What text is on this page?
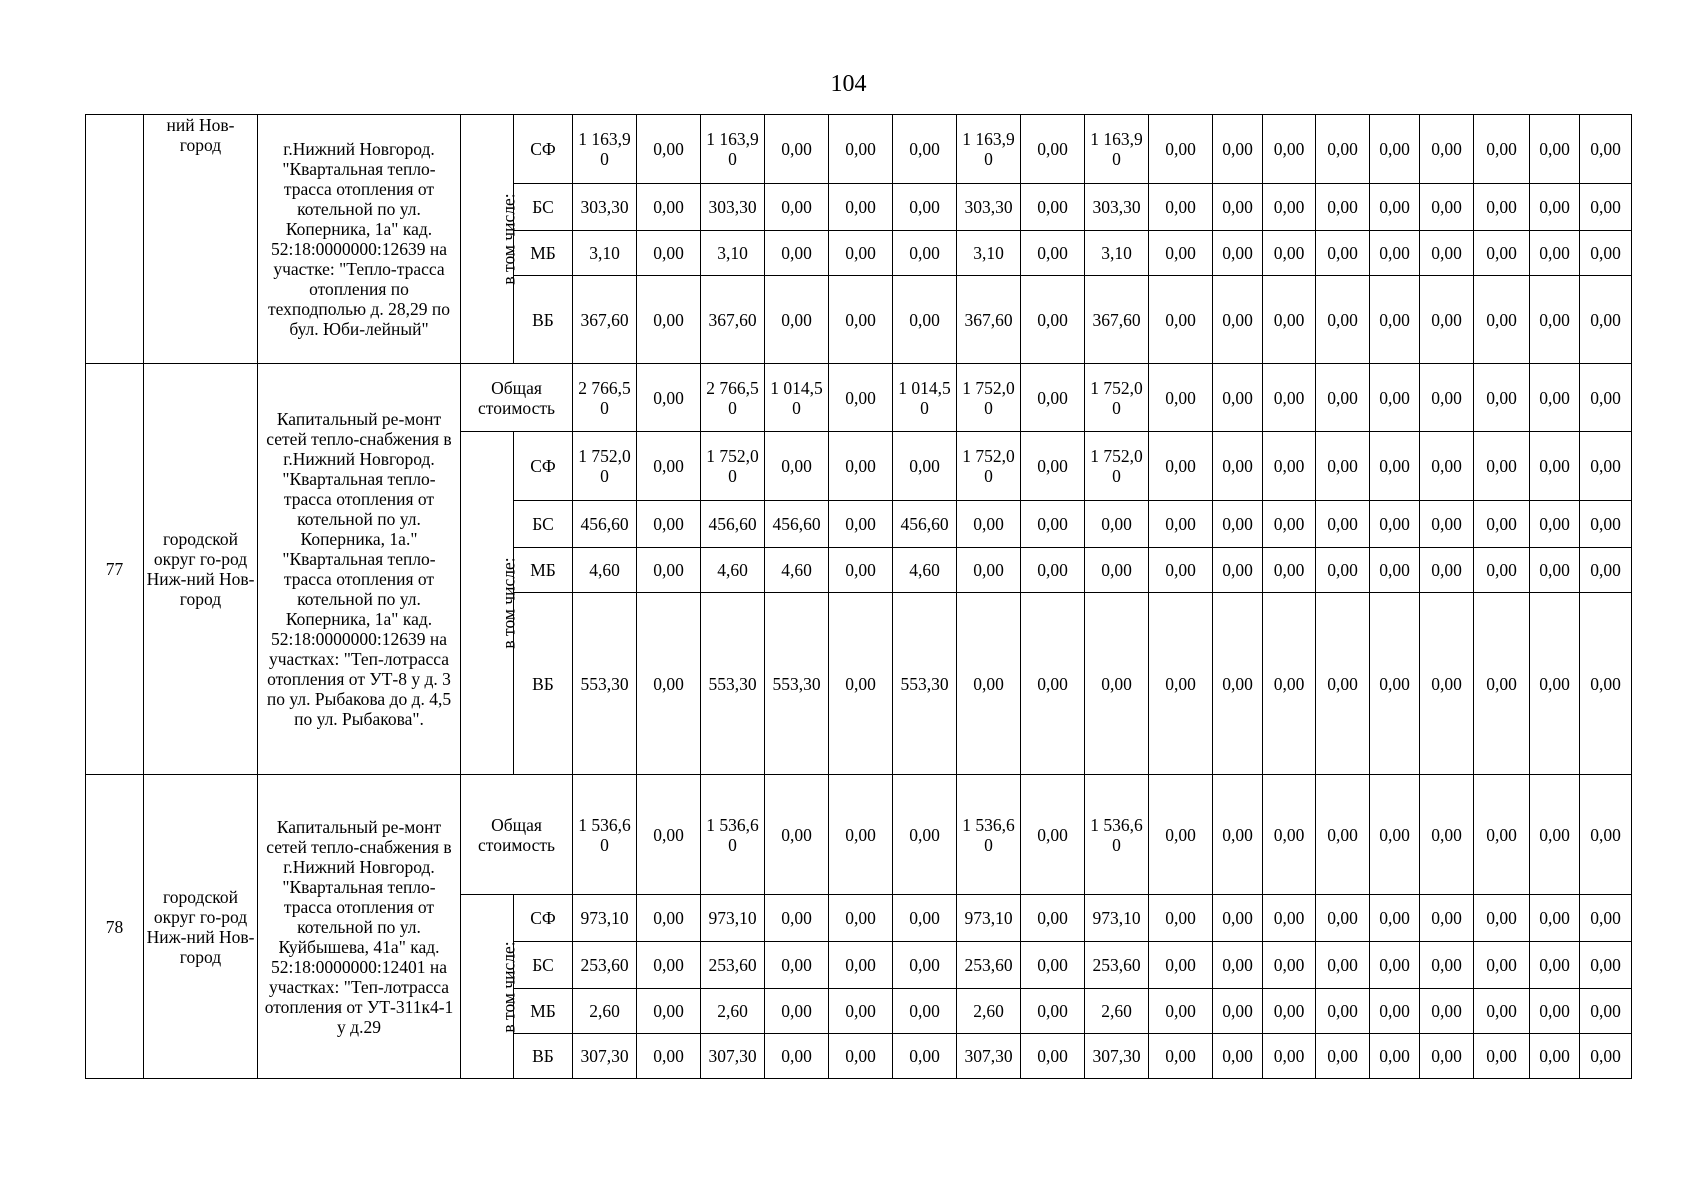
104
	ний Нов- город	г.Нижний Новгород. "Квартальная тепло-трасса отопления от котельной по ул. Коперника, 1а" кад. 52:18:0000000:12639 на участке: "Тепло-трасса отопления по техподполью д. 28,29 по бул. Юби-лейный"	в том числе:	СФ	1 163,90	0,00	1 163,90	0,00	0,00	0,00	1 163,90	0,00	1 163,90	0,00	0,00	0,00	0,00	0,00	0,00	0,00	0,00	0,00
				БС	303,30	0,00	303,30	0,00	0,00	0,00	303,30	0,00	303,30	0,00	0,00	0,00	0,00	0,00	0,00	0,00	0,00	0,00
				МБ	3,10	0,00	3,10	0,00	0,00	0,00	3,10	0,00	3,10	0,00	0,00	0,00	0,00	0,00	0,00	0,00	0,00	0,00
				ВБ	367,60	0,00	367,60	0,00	0,00	0,00	367,60	0,00	367,60	0,00	0,00	0,00	0,00	0,00	0,00	0,00	0,00	0,00
77	городской округ го-род Ниж-ний Нов-город	Капитальный ре-монт сетей тепло-снабжения в г.Нижний Новгород. "Квартальная тепло-трасса отопления от котельной по ул. Коперника, 1а." "Квартальная тепло-трасса отопления от котельной по ул. Коперника, 1а" кад. 52:18:0000000:12639 на участках: "Теп-лотрасса отопления от УТ-8 у д. 3 по ул. Рыбакова до д. 4,5 по ул. Рыбакова".	Общая стоимость		2 766,50	0,00	2 766,50	1 014,50	0,00	1 014,50	1 752,00	0,00	1 752,00	0,00	0,00	0,00	0,00	0,00	0,00	0,00	0,00	0,00
			в том числе:	СФ	1 752,00	0,00	1 752,00	0,00	0,00	0,00	1 752,00	0,00	1 752,00	0,00	0,00	0,00	0,00	0,00	0,00	0,00	0,00	0,00
				БС	456,60	0,00	456,60	456,60	0,00	456,60	0,00	0,00	0,00	0,00	0,00	0,00	0,00	0,00	0,00	0,00	0,00	0,00
				МБ	4,60	0,00	4,60	4,60	0,00	4,60	0,00	0,00	0,00	0,00	0,00	0,00	0,00	0,00	0,00	0,00	0,00	0,00
				ВБ	553,30	0,00	553,30	553,30	0,00	553,30	0,00	0,00	0,00	0,00	0,00	0,00	0,00	0,00	0,00	0,00	0,00	0,00
78	городской округ го-род Ниж-ний Нов-город	Капитальный ре-монт сетей тепло-снабжения в г.Нижний Новгород. "Квартальная тепло-трасса отопления от котельной по ул. Куйбышева, 41а" кад. 52:18:0000000:12401 на участках: "Теп-лотрасса отопления от УТ-311к4-1 у д.29	Общая стоимость		1 536,60	0,00	1 536,60	0,00	0,00	0,00	1 536,60	0,00	1 536,60	0,00	0,00	0,00	0,00	0,00	0,00	0,00	0,00	0,00
			в том числе:	СФ	973,10	0,00	973,10	0,00	0,00	0,00	973,10	0,00	973,10	0,00	0,00	0,00	0,00	0,00	0,00	0,00	0,00	0,00
				БС	253,60	0,00	253,60	0,00	0,00	0,00	253,60	0,00	253,60	0,00	0,00	0,00	0,00	0,00	0,00	0,00	0,00	0,00
				МБ	2,60	0,00	2,60	0,00	0,00	0,00	2,60	0,00	2,60	0,00	0,00	0,00	0,00	0,00	0,00	0,00	0,00	0,00
				ВБ	307,30	0,00	307,30	0,00	0,00	0,00	307,30	0,00	307,30	0,00	0,00	0,00	0,00	0,00	0,00	0,00	0,00	0,00
